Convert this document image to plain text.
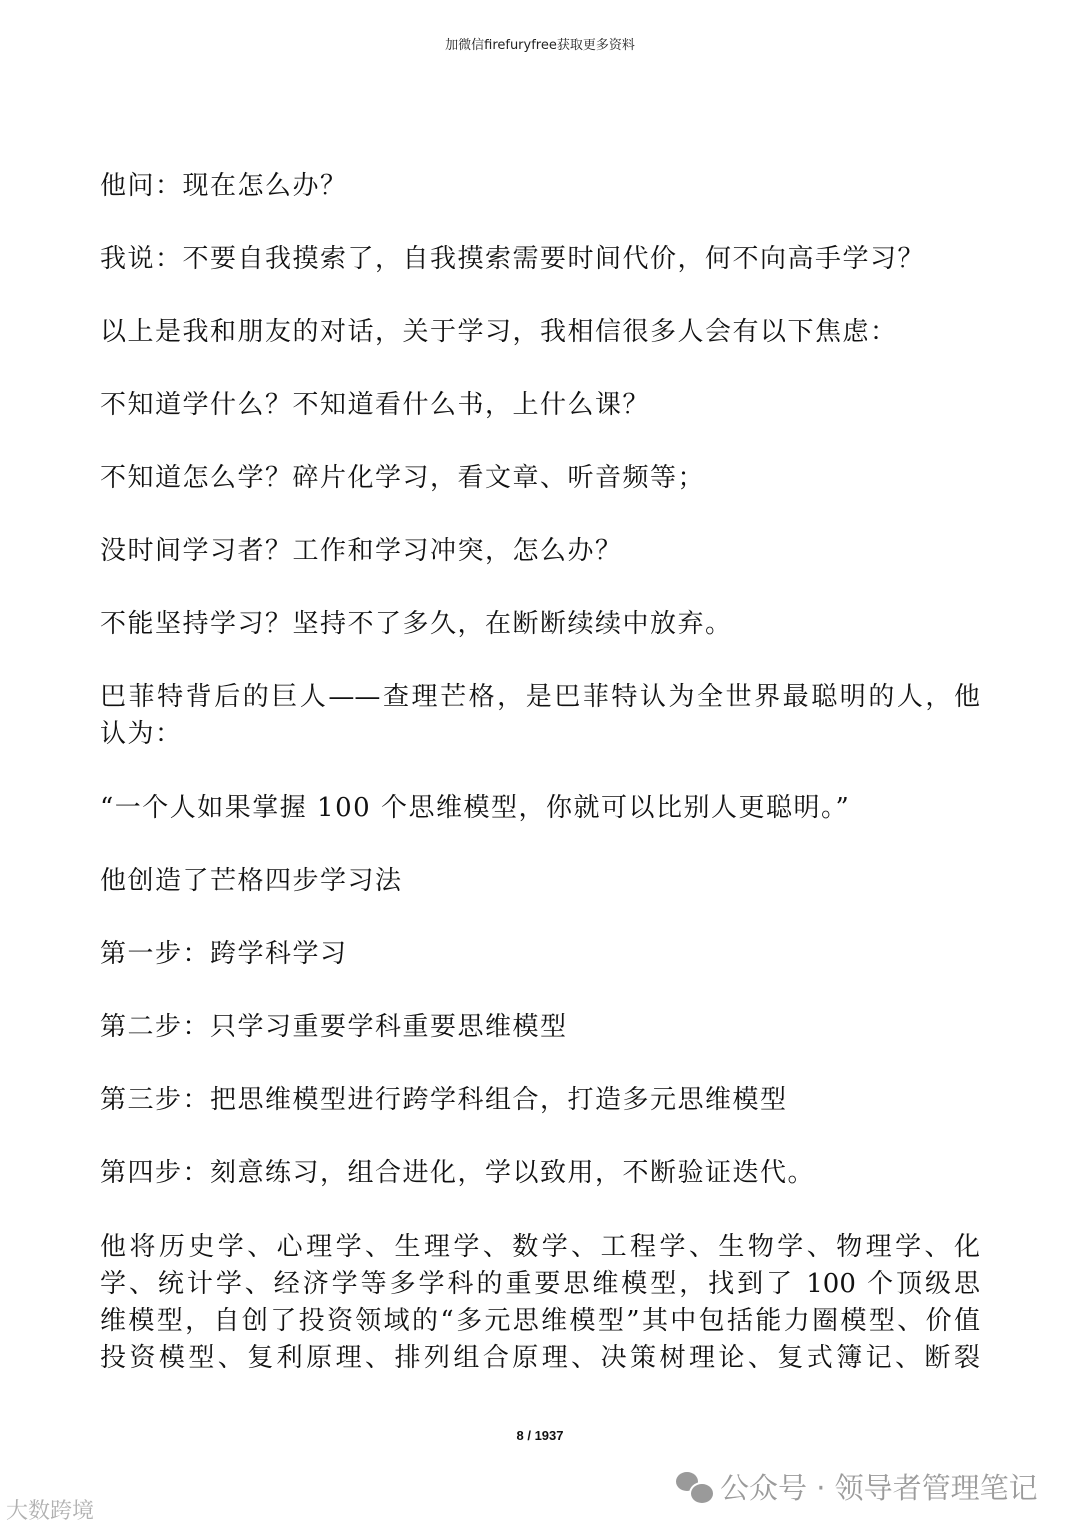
加微信firefuryfree获取更多资料
他问：现在怎么办？
我说：不要自我摸索了，自我摸索需要时间代价，何不向高手学习？
以上是我和朋友的对话，关于学习，我相信很多人会有以下焦虑：
不知道学什么？不知道看什么书，上什么课？
不知道怎么学？碎片化学习，看文章、听音频等；
没时间学习者？工作和学习冲突，怎么办？
不能坚持学习？坚持不了多久，在断断续续中放弃。
巴菲特背后的巨人——查理芒格，是巴菲特认为全世界最聪明的人，他
认为：
“一个人如果掌握 100 个思维模型，你就可以比别人更聪明。”
他创造了芒格四步学习法
第一步：跨学科学习
第二步：只学习重要学科重要思维模型
第三步：把思维模型进行跨学科组合，打造多元思维模型
第四步：刻意练习，组合进化，学以致用，不断验证迭代。
他将历史学、心理学、生理学、数学、工程学、生物学、物理学、化
学、统计学、经济学等多学科的重要思维模型，找到了 100 个顶级思
维模型，自创了投资领域的“多元思维模型”其中包括能力圈模型、价值
投资模型、复利原理、排列组合原理、决策树理论、复式簿记、断裂
8 / 1937
公众号 · 领导者管理笔记
大数跨境
